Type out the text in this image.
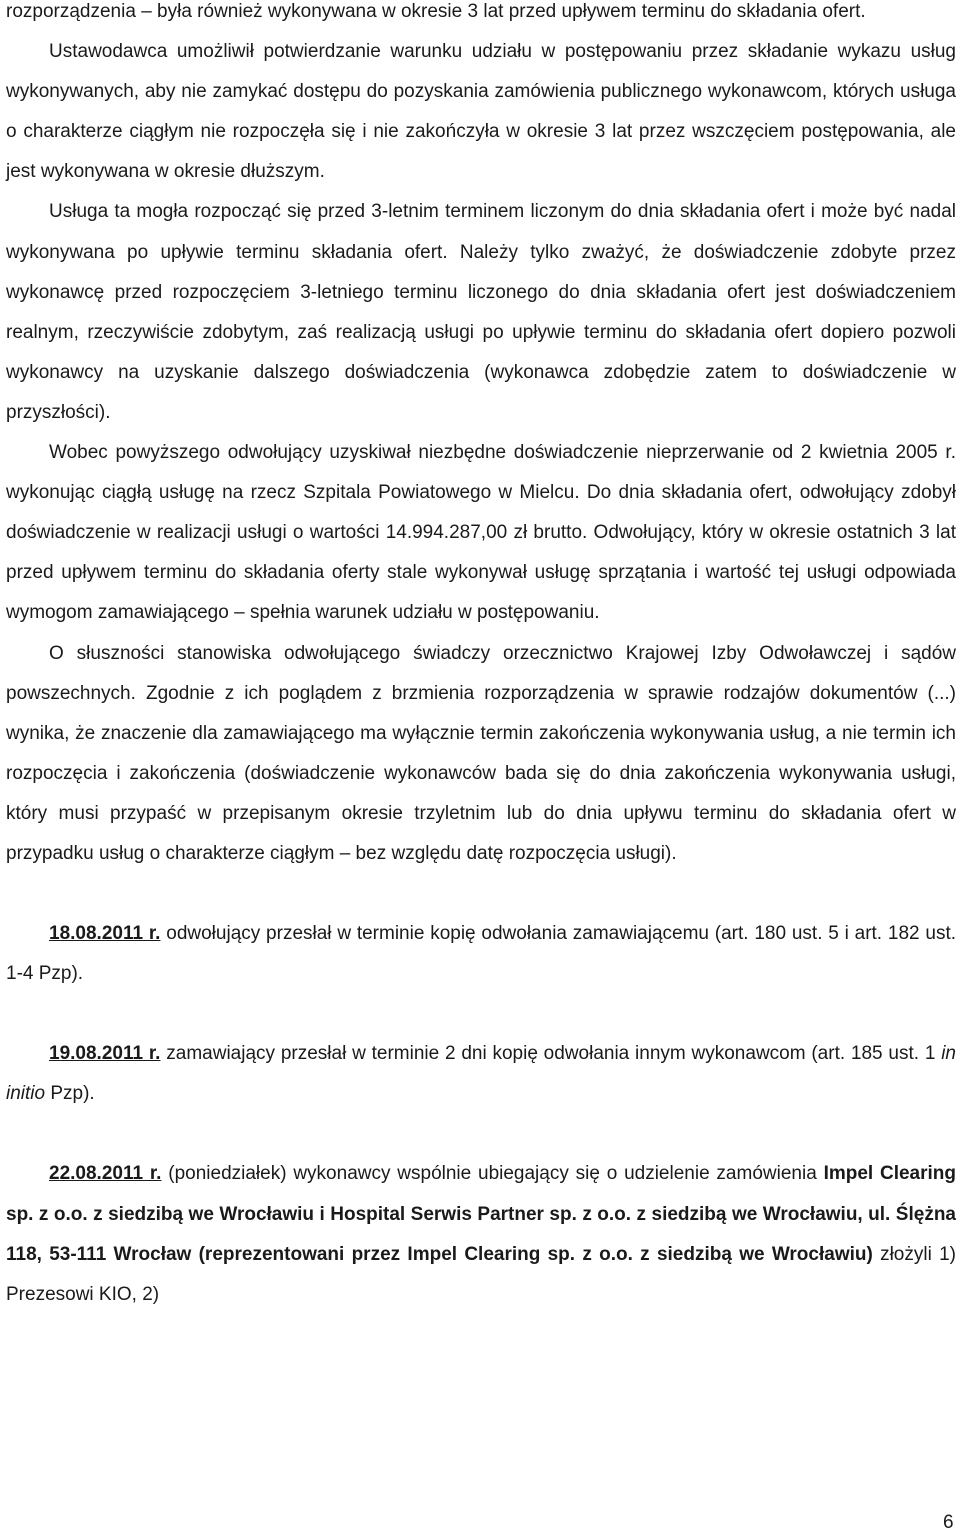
rozporządzenia – była również wykonywana w okresie 3 lat przed upływem terminu do składania ofert.

Ustawodawca umożliwił potwierdzanie warunku udziału w postępowaniu przez składanie wykazu usług wykonywanych, aby nie zamykać dostępu do pozyskania zamówienia publicznego wykonawcom, których usługa o charakterze ciągłym nie rozpoczęła się i nie zakończyła w okresie 3 lat przez wszczęciem postępowania, ale jest wykonywana w okresie dłuższym.

Usługa ta mogła rozpocząć się przed 3-letnim terminem liczonym do dnia składania ofert i może być nadal wykonywana po upływie terminu składania ofert. Należy tylko zważyć, że doświadczenie zdobyte przez wykonawcę przed rozpoczęciem 3-letniego terminu liczonego do dnia składania ofert jest doświadczeniem realnym, rzeczywiście zdobytym, zaś realizacją usługi po upływie terminu do składania ofert dopiero pozwoli wykonawcy na uzyskanie dalszego doświadczenia (wykonawca zdobędzie zatem to doświadczenie w przyszłości).

Wobec powyższego odwołujący uzyskiwał niezbędne doświadczenie nieprzerwanie od 2 kwietnia 2005 r. wykonując ciągłą usługę na rzecz Szpitala Powiatowego w Mielcu. Do dnia składania ofert, odwołujący zdobył doświadczenie w realizacji usługi o wartości 14.994.287,00 zł brutto. Odwołujący, który w okresie ostatnich 3 lat przed upływem terminu do składania oferty stale wykonywał usługę sprzątania i wartość tej usługi odpowiada wymogom zamawiającego – spełnia warunek udziału w postępowaniu.

O słuszności stanowiska odwołującego świadczy orzecznictwo Krajowej Izby Odwoławczej i sądów powszechnych. Zgodnie z ich poglądem z brzmienia rozporządzenia w sprawie rodzajów dokumentów (...) wynika, że znaczenie dla zamawiającego ma wyłącznie termin zakończenia wykonywania usług, a nie termin ich rozpoczęcia i zakończenia (doświadczenie wykonawców bada się do dnia zakończenia wykonywania usługi, który musi przypaść w przepisanym okresie trzyletnim lub do dnia upływu terminu do składania ofert w przypadku usług o charakterze ciągłym – bez względu datę rozpoczęcia usługi).

18.08.2011 r. odwołujący przesłał w terminie kopię odwołania zamawiającemu (art. 180 ust. 5 i art. 182 ust. 1-4 Pzp).

19.08.2011 r. zamawiający przesłał w terminie 2 dni kopię odwołania innym wykonawcom (art. 185 ust. 1 in initio Pzp).

22.08.2011 r. (poniedziałek) wykonawcy wspólnie ubiegający się o udzielenie zamówienia Impel Clearing sp. z o.o. z siedzibą we Wrocławiu i Hospital Serwis Partner sp. z o.o. z siedzibą we Wrocławiu, ul. Ślężna 118, 53-111 Wrocław (reprezentowani przez Impel Clearing sp. z o.o. z siedzibą we Wrocławiu) złożyli 1) Prezesowi KIO, 2)

6
